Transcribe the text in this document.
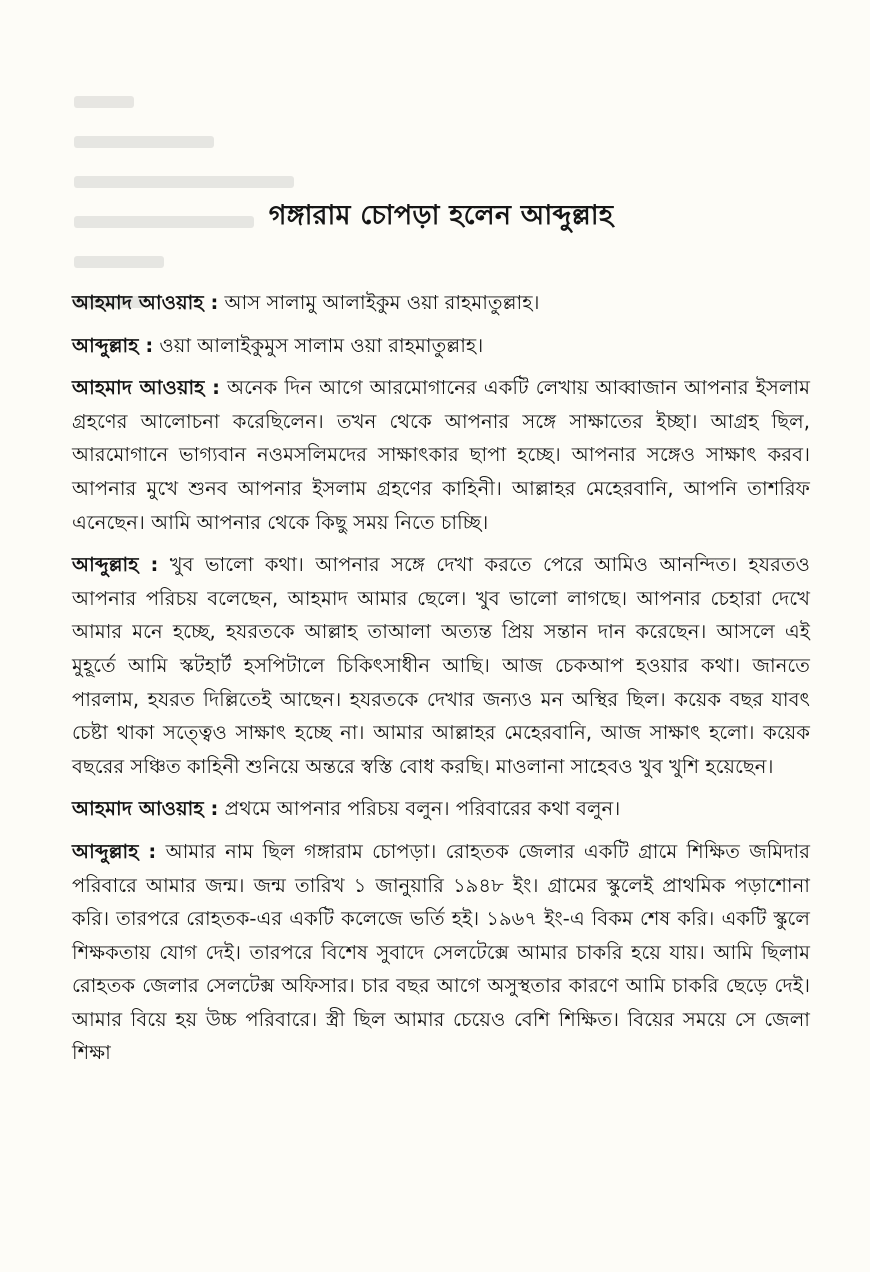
গঙ্গারাম চোপড়া হলেন আব্দুল্লাহ

আহমাদ আওয়াহ : আস সালামু আলাইকুম ওয়া রাহমাতুল্লাহ।

আব্দুল্লাহ : ওয়া আলাইকুমুস সালাম ওয়া রাহমাতুল্লাহ।

আহমাদ আওয়াহ : অনেক দিন আগে আরমোগানের একটি লেখায় আব্বাজান আপনার ইসলাম গ্রহণের আলোচনা করেছিলেন। তখন থেকে আপনার সঙ্গে সাক্ষাতের ইচ্ছা। আগ্রহ ছিল, আরমোগানে ভাগ্যবান নওমসলিমদের সাক্ষাৎকার ছাপা হচ্ছে। আপনার সঙ্গেও সাক্ষাৎ করব। আপনার মুখে শুনব আপনার ইসলাম গ্রহণের কাহিনী। আল্লাহর মেহেরবানি, আপনি তাশরিফ এনেছেন। আমি আপনার থেকে কিছু সময় নিতে চাচ্ছি।

আব্দুল্লাহ : খুব ভালো কথা। আপনার সঙ্গে দেখা করতে পেরে আমিও আনন্দিত। হযরতও আপনার পরিচয় বলেছেন, আহমাদ আমার ছেলে। খুব ভালো লাগছে। আপনার চেহারা দেখে আমার মনে হচ্ছে, হযরতকে আল্লাহ তাআলা অত্যন্ত প্রিয় সন্তান দান করেছেন। আসলে এই মুহূর্তে আমি স্কটহার্ট হসপিটালে চিকিৎসাধীন আছি। আজ চেকআপ হওয়ার কথা। জানতে পারলাম, হযরত দিল্লিতেই আছেন। হযরতকে দেখার জন্যও মন অস্থির ছিল। কয়েক বছর যাবৎ চেষ্টা থাকা সত্ত্বেও সাক্ষাৎ হচ্ছে না। আমার আল্লাহর মেহেরবানি, আজ সাক্ষাৎ হলো। কয়েক বছরের সঞ্চিত কাহিনী শুনিয়ে অন্তরে স্বস্তি বোধ করছি। মাওলানা সাহেবও খুব খুশি হয়েছেন।

আহমাদ আওয়াহ : প্রথমে আপনার পরিচয় বলুন। পরিবারের কথা বলুন।

আব্দুল্লাহ : আমার নাম ছিল গঙ্গারাম চোপড়া। রোহতক জেলার একটি গ্রামে শিক্ষিত জমিদার পরিবারে আমার জন্ম। জন্ম তারিখ ১ জানুয়ারি ১৯৪৮ ইং। গ্রামের স্কুলেই প্রাথমিক পড়াশোনা করি। তারপরে রোহতক-এর একটি কলেজে ভর্তি হই। ১৯৬৭ ইং-এ বিকম শেষ করি। একটি স্কুলে শিক্ষকতায় যোগ দেই। তারপরে বিশেষ সুবাদে সেলটেক্সে আমার চাকরি হয়ে যায়। আমি ছিলাম রোহতক জেলার সেলটেক্স অফিসার। চার বছর আগে অসুস্থতার কারণে আমি চাকরি ছেড়ে দেই। আমার বিয়ে হয় উচ্চ পরিবারে। স্ত্রী ছিল আমার চেয়েও বেশি শিক্ষিত। বিয়ের সময়ে সে জেলা শিক্ষা
